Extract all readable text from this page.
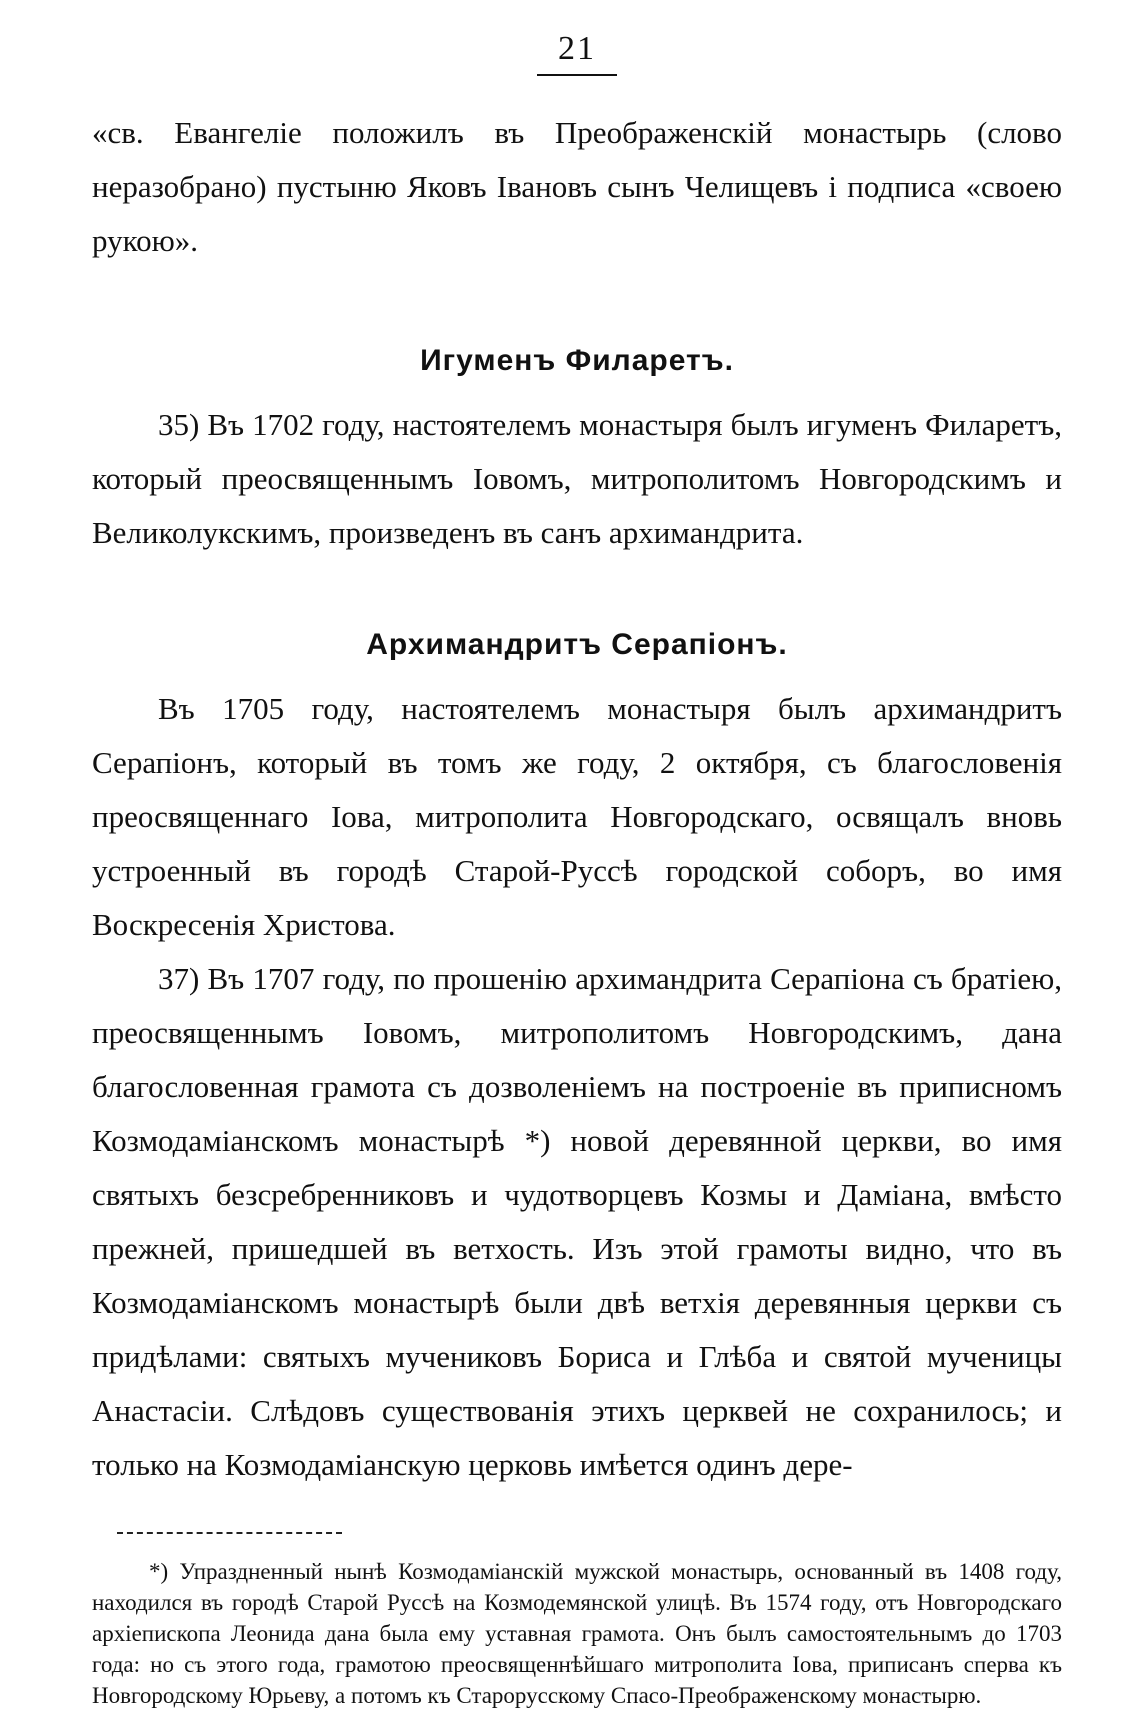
21

«св. Евангеліе положилъ въ Преображенскій монастырь (слово неразобрано) пустыню Яковъ Івановъ сынъ Челищевъ і подписа «своею рукою».

Игуменъ Филаретъ.

35) Въ 1702 году, настоятелемъ монастыря былъ игуменъ Филаретъ, который преосвященнымъ Іовомъ, митрополитомъ Новгородскимъ и Великолукскимъ, произведенъ въ санъ архимандрита.

Архимандритъ Серапіонъ.

Въ 1705 году, настоятелемъ монастыря былъ архимандритъ Серапіонъ, который въ томъ же году, 2 октября, съ благословенія преосвященнаго Іова, митрополита Новгородскаго, освящалъ вновь устроенный въ городѣ Старой-Руссѣ городской соборъ, во имя Воскресенія Христова.

37) Въ 1707 году, по прошенію архимандрита Серапіона съ братіею, преосвященнымъ Іовомъ, митрополитомъ Новгородскимъ, дана благословенная грамота съ дозволеніемъ на построеніе въ приписномъ Козмодаміанскомъ монастырѣ *) новой деревянной церкви, во имя святыхъ безсребренниковъ и чудотворцевъ Козмы и Даміана, вмѣсто прежней, пришедшей въ ветхость. Изъ этой грамоты видно, что въ Козмодаміанскомъ монастырѣ были двѣ ветхія деревянныя церкви съ придѣлами: святыхъ мучениковъ Бориса и Глѣба и святой мученицы Анастасіи. Слѣдовъ существованія этихъ церквей не сохранилось; и только на Козмодаміанскую церковь имѣется одинъ дере-

*) Упраздненный нынѣ Козмодаміанскій мужской монастырь, основанный въ 1408 году, находился въ городѣ Старой Руссѣ на Козмодемянской улицѣ. Въ 1574 году, отъ Новгородскаго архіепископа Леонида дана была ему уставная грамота. Онъ былъ самостоятельнымъ до 1703 года: но съ этого года, грамотою преосвященнѣйшаго митрополита Іова, приписанъ сперва къ Новгородскому Юрьеву, а потомъ къ Старорусскому Спасо-Преображенскому монастырю.
